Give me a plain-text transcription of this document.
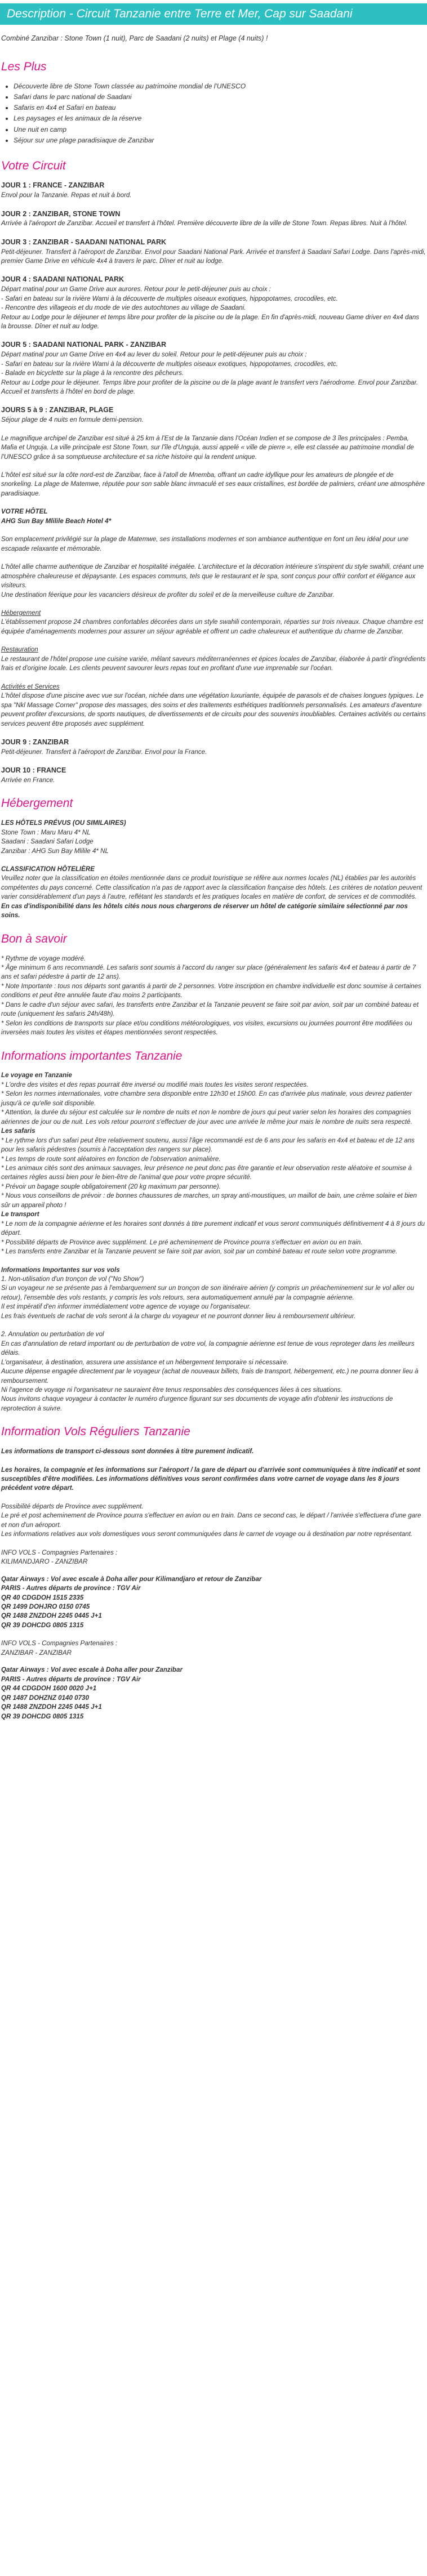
Description - Circuit Tanzanie entre Terre et Mer, Cap sur Saadani
Combiné Zanzibar : Stone Town (1 nuit), Parc de Saadani (2 nuits) et Plage (4 nuits) !
Les Plus
• Découverte libre de Stone Town classée au patrimoine mondial de l'UNESCO
• Safari dans le parc national de Saadani
• Safaris en 4x4 et Safari en bateau
• Les paysages et les animaux de la réserve
• Une nuit en camp
• Séjour sur une plage paradisiaque de Zanzibar
Votre Circuit

JOUR 1 : FRANCE - ZANZIBAR

Envol pour la Tanzanie. Repas et nuit à bord.

JOUR 2 : ZANZIBAR, STONE TOWN

Arrivée à l'aéroport de Zanzibar. Accueil et transfert à l'hôtel. Première découverte libre de la ville de Stone Town. Repas libres. Nuit à l'hôtel.

JOUR 3 : ZANZIBAR - SAADANI NATIONAL PARK

Petit-déjeuner. Transfert à l'aéroport de Zanzibar. Envol pour Saadani National Park. Arrivée et transfert à Saadani Safari Lodge. Dans l'après-midi, premier Game Drive en véhicule 4x4 à travers le parc. Dîner et nuit au lodge.

JOUR 4 : SAADANI NATIONAL PARK

Départ matinal pour un Game Drive aux aurores. Retour pour le petit-déjeuner puis au choix :

- Safari en bateau sur la rivière Wami à la découverte de multiples oiseaux exotiques, hippopotames, crocodiles, etc.

- Rencontre des villageois et du mode de vie des autochtones au village de Saadani.

Retour au Lodge pour le déjeuner et temps libre pour profiter de la piscine ou de la plage. En fin d'après-midi, nouveau Game driver en 4x4 dans la brousse. Dîner et nuit au lodge.

JOUR 5 : SAADANI NATIONAL PARK - ZANZIBAR

Départ matinal pour un Game Drive en 4x4 au lever du soleil. Retour pour le petit-déjeuner puis au choix :

- Safari en bateau sur la rivière Wami à la découverte de multiples oiseaux exotiques, hippopotames, crocodiles, etc.

- Balade en bicyclette sur la plage à la rencontre des pêcheurs.

Retour au Lodge pour le déjeuner. Temps libre pour profiter de la piscine ou de la plage avant le transfert vers l'aérodrome. Envol pour Zanzibar. Accueil et transferts à l'hôtel en bord de plage.

JOURS 5 à 9 : ZANZIBAR, PLAGE

Séjour plage de 4 nuits en formule demi-pension.

Le magnifique archipel de Zanzibar est situé à 25 km à l'Est de la Tanzanie dans l'Océan Indien et se compose de 3 îles principales : Pemba, Mafia et Unguja. La ville principale est Stone Town, sur l'île d'Unguja, aussi appelé « ville de pierre », elle est classée au patrimoine mondial de l'UNESCO grâce à sa somptueuse architecture et sa riche histoire qui la rendent unique.

L'hôtel est situé sur la côte nord-est de Zanzibar, face à l'atoll de Mnemba, offrant un cadre idyllique pour les amateurs de plongée et de snorkeling. La plage de Matemwe, réputée pour son sable blanc immaculé et ses eaux cristallines, est bordée de palmiers, créant une atmosphère paradisiaque.

VOTRE HÔTEL

AHG Sun Bay Mlilile Beach Hotel 4*

Son emplacement privilégié sur la plage de Matemwe, ses installations modernes et son ambiance authentique en font un lieu idéal pour une escapade relaxante et mémorable.

L'hôtel allie charme authentique de Zanzibar et hospitalité inégalée. L'architecture et la décoration intérieure s'inspirent du style swahili, créant une atmosphère chaleureuse et dépaysante. Les espaces communs, tels que le restaurant et le spa, sont conçus pour offrir confort et élégance aux visiteurs.

Une destination féerique pour les vacanciers désireux de profiter du soleil et de la merveilleuse culture de Zanzibar.

Hébergement

L'établissement propose 24 chambres confortables décorées dans un style swahili contemporain, réparties sur trois niveaux. Chaque chambre est équipée d'aménagements modernes pour assurer un séjour agréable et offrent un cadre chaleureux et authentique du charme de Zanzibar.

Restauration

Le restaurant de l'hôtel propose une cuisine variée, mêlant saveurs méditerranéennes et épices locales de Zanzibar, élaborée à partir d'ingrédients frais et d'origine locale. Les clients peuvent savourer leurs repas tout en profitant d'une vue imprenable sur l'océan.

Activités et Services

L'hôtel dispose d'une piscine avec vue sur l'océan, nichée dans une végétation luxuriante, équipée de parasols et de chaises longues typiques. Le spa "Nkl Massage Corner" propose des massages, des soins et des traitements esthétiques traditionnels personnalisés. Les amateurs d'aventure peuvent profiter d'excursions, de sports nautiques, de divertissements et de circuits pour des souvenirs inoubliables. Certaines activités ou certains services peuvent être proposés avec supplément.

JOUR 9 : ZANZIBAR

Petit-déjeuner. Transfert à l'aéroport de Zanzibar. Envol pour la France.

JOUR 10 : FRANCE

Arrivée en France.

Hébergement

LES HÔTELS PRÉVUS (OU SIMILAIRES)

Stone Town : Maru Maru 4* NL

Saadani : Saadani Safari Lodge

Zanzibar : AHG Sun Bay Mlilile 4* NL

CLASSIFICATION HÔTELIÈRE

Veuillez noter que la classification en étoiles mentionnée dans ce produit touristique se réfère aux normes locales (NL) établies par les autorités compétentes du pays concerné. Cette classification n'a pas de rapport avec la classification française des hôtels. Les critères de notation peuvent varier considérablement d'un pays à l'autre, reflétant les standards et les pratiques locales en matière de confort, de services et de commodités.

En cas d'indisponibilité dans les hôtels cités nous nous chargerons de réserver un hôtel de catégorie similaire sélectionné par nos soins.

Bon à savoir

* Rythme de voyage modéré.

* Âge minimum 6 ans recommandé. Les safaris sont soumis à l'accord du ranger sur place (généralement les safaris 4x4 et bateau à partir de 7 ans et safari pédestre à partir de 12 ans).

* Note Importante : tous nos départs sont garantis à partir de 2 personnes. Votre inscription en chambre individuelle est donc soumise à certaines conditions et peut être annulée faute d'au moins 2 participants.

* Dans le cadre d'un séjour avec safari, les transferts entre Zanzibar et la Tanzanie peuvent se faire soit par avion, soit par un combiné bateau et route (uniquement les safaris 24h/48h).

* Selon les conditions de transports sur place et/ou conditions météorologiques, vos visites, excursions ou journées pourront être modifiées ou inversées mais toutes les visites et étapes mentionnées seront respectées.

Informations importantes Tanzanie

Le voyage en Tanzanie

* L'ordre des visites et des repas pourrait être inversé ou modifié mais toutes les visites seront respectées.

* Selon les normes internationales, votre chambre sera disponible entre 12h30 et 15h00. En cas d'arrivée plus matinale, vous devrez patienter jusqu'à ce qu'elle soit disponible.

* Attention, la durée du séjour est calculée sur le nombre de nuits et non le nombre de jours qui peut varier selon les horaires des compagnies aériennes de jour ou de nuit. Les vols retour pourront s'effectuer de jour avec une arrivée le même jour mais le nombre de nuits sera respecté.

Les safaris

* Le rythme lors d'un safari peut être relativement soutenu, aussi l'âge recommandé est de 6 ans pour les safaris en 4x4 et bateau et de 12 ans pour les safaris pédestres (soumis à l'acceptation des rangers sur place).

* Les temps de route sont aléatoires en fonction de l'observation animalière.

* Les animaux cités sont des animaux sauvages, leur présence ne peut donc pas être garantie et leur observation reste aléatoire et soumise à certaines règles aussi bien pour le bien-être de l'animal que pour votre propre sécurité.

* Prévoir un bagage souple obligatoirement (20 kg maximum par personne).

* Nous vous conseillons de prévoir : de bonnes chaussures de marches, un spray anti-moustiques, un maillot de bain, une crème solaire et bien sûr un appareil photo !

Le transport

* Le nom de la compagnie aérienne et les horaires sont donnés à titre purement indicatif et vous seront communiqués définitivement 4 à 8 jours du départ.

* Possibilité départs de Province avec supplément. Le pré acheminement de Province pourra s'effectuer en avion ou en train.

* Les transferts entre Zanzibar et la Tanzanie peuvent se faire soit par avion, soit par un combiné bateau et route selon votre programme.

Informations Importantes sur vos vols

1. Non-utilisation d'un tronçon de vol ("No Show")

Si un voyageur ne se présente pas à l'embarquement sur un tronçon de son itinéraire aérien (y compris un préacheminement sur le vol aller ou retour), l'ensemble des vols restants, y compris les vols retours, sera automatiquement annulé par la compagnie aérienne.

Il est impératif d'en informer immédiatement votre agence de voyage ou l'organisateur.

Les frais éventuels de rachat de vols seront à la charge du voyageur et ne pourront donner lieu à remboursement ultérieur.

2. Annulation ou perturbation de vol

En cas d'annulation de retard important ou de perturbation de votre vol, la compagnie aérienne est tenue de vous reproteger dans les meilleurs délais.

L'organisateur, à destination, assurera une assistance et un hébergement temporaire si nécessaire.

Aucune dépense engagée directement par le voyageur (achat de nouveaux billets, frais de transport, hébergement, etc.) ne pourra donner lieu à remboursement.

Ni l'agence de voyage ni l'organisateur ne sauraient être tenus responsables des conséquences liées à ces situations.

Nous invitons chaque voyageur à contacter le numéro d'urgence figurant sur ses documents de voyage afin d'obtenir les instructions de reprotection à suivre.

Information Vols Réguliers Tanzanie

Les informations de transport ci-dessous sont données à titre purement indicatif.

Les horaires, la compagnie et les informations sur l'aéroport / la gare de départ ou d'arrivée sont communiquées à titre indicatif et sont susceptibles d'être modifiées. Les informations définitives vous seront confirmées dans votre carnet de voyage dans les 8 jours précédent votre départ.

Possibilité départs de Province avec supplément.

Le pré et post acheminement de Province pourra s'effectuer en avion ou en train. Dans ce second cas, le départ / l'arrivée s'effectuera d'une gare et non d'un aéroport.

Les informations relatives aux vols domestiques vous seront communiquées dans le carnet de voyage ou à destination par notre représentant.

INFO VOLS - Compagnies Partenaires :

KILIMANDJARO - ZANZIBAR

Qatar Airways : Vol avec escale à Doha aller pour Kilimandjaro et retour de Zanzibar

PARIS - Autres départs de province : TGV Air

QR 40 CDGDOH 1515 2335

QR 1499 DOHJRO 0150 0745

QR 1488 ZNZDOH 2245 0445 J+1

QR 39 DOHCDG 0805 1315

INFO VOLS - Compagnies Partenaires :

ZANZIBAR - ZANZIBAR

Qatar Airways : Vol avec escale à Doha aller pour Zanzibar

PARIS - Autres départs de province : TGV Air

QR 44 CDGDOH 1600 0020 J+1

QR 1487 DOHZNZ 0140 0730

QR 1488 ZNZDOH 2245 0445 J+1

QR 39 DOHCDG 0805 1315
